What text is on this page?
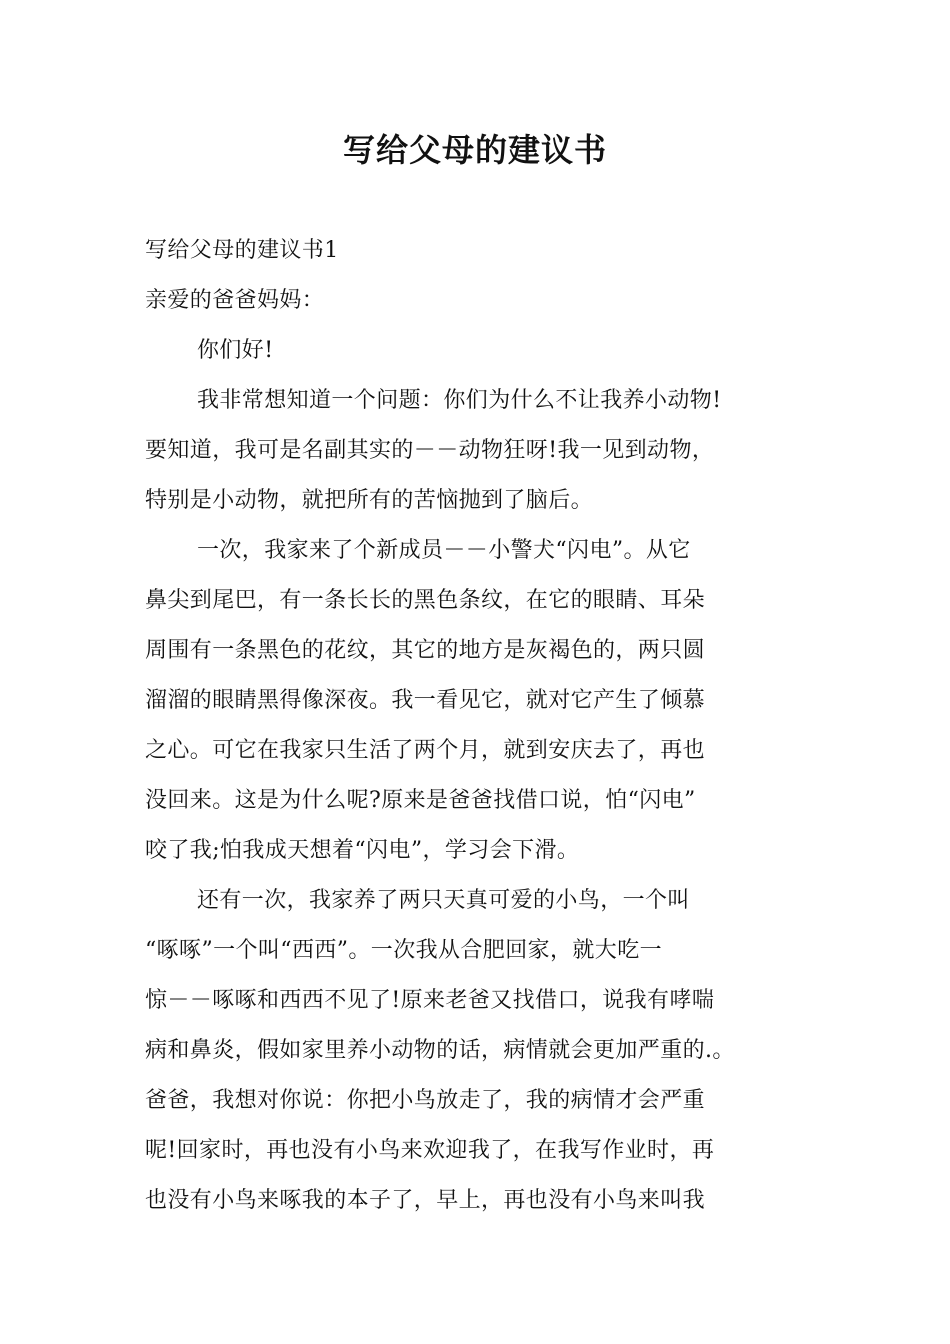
写给父母的建议书
写给父母的建议书1
亲爱的爸爸妈妈：
你们好!
我非常想知道一个问题：你们为什么不让我养小动物!
要知道，我可是名副其实的－－动物狂呀!我一见到动物，
特别是小动物，就把所有的苦恼抛到了脑后。
一次，我家来了个新成员－－小警犬“闪电”。从它
鼻尖到尾巴，有一条长长的黑色条纹，在它的眼睛、耳朵
周围有一条黑色的花纹，其它的地方是灰褐色的，两只圆
溜溜的眼睛黑得像深夜。我一看见它，就对它产生了倾慕
之心。可它在我家只生活了两个月，就到安庆去了，再也
没回来。这是为什么呢?原来是爸爸找借口说，怕“闪电”
咬了我;怕我成天想着“闪电”，学习会下滑。
还有一次，我家养了两只天真可爱的小鸟，一个叫
“啄啄”一个叫“西西”。一次我从合肥回家，就大吃一
惊－－啄啄和西西不见了!原来老爸又找借口，说我有哮喘
病和鼻炎，假如家里养小动物的话，病情就会更加严重的.。
爸爸，我想对你说：你把小鸟放走了，我的病情才会严重
呢!回家时，再也没有小鸟来欢迎我了，在我写作业时，再
也没有小鸟来啄我的本子了，早上，再也没有小鸟来叫我
